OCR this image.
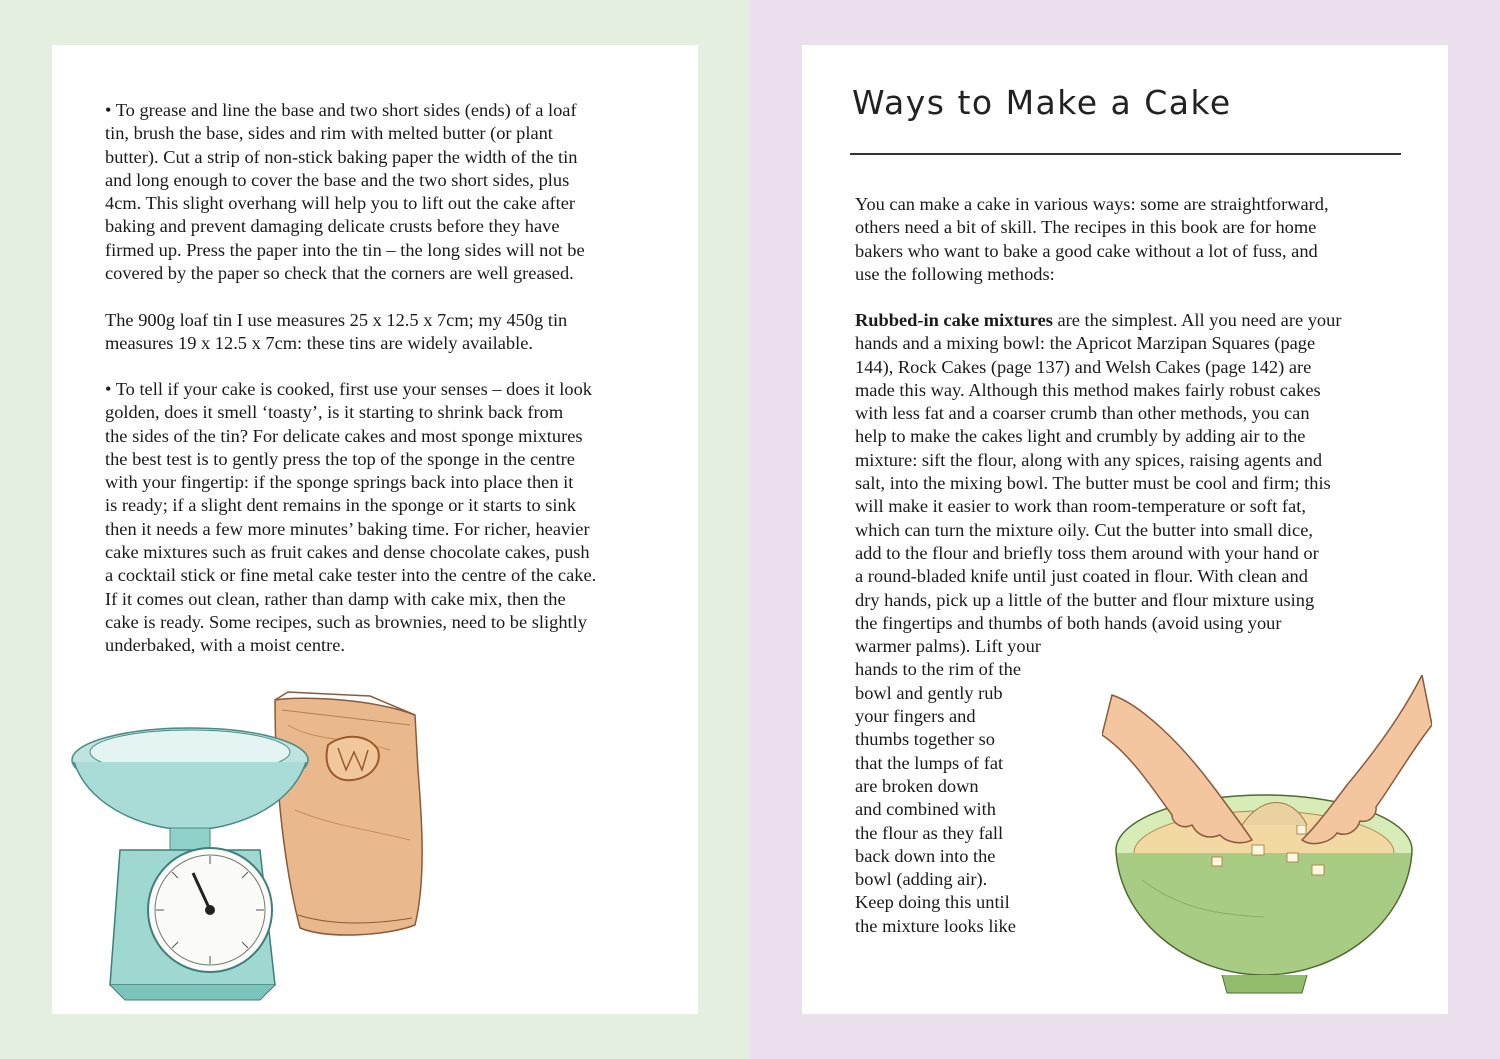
• To grease and line the base and two short sides (ends) of a loaf
tin, brush the base, sides and rim with melted butter (or plant
butter). Cut a strip of non-stick baking paper the width of the tin
and long enough to cover the base and the two short sides, plus
4cm. This slight overhang will help you to lift out the cake after
baking and prevent damaging delicate crusts before they have
firmed up. Press the paper into the tin – the long sides will not be
covered by the paper so check that the corners are well greased.

The 900g loaf tin I use measures 25 x 12.5 x 7cm; my 450g tin
measures 19 x 12.5 x 7cm: these tins are widely available.

• To tell if your cake is cooked, first use your senses – does it look
golden, does it smell ‘toasty’, is it starting to shrink back from
the sides of the tin? For delicate cakes and most sponge mixtures
the best test is to gently press the top of the sponge in the centre
with your fingertip: if the sponge springs back into place then it
is ready; if a slight dent remains in the sponge or it starts to sink
then it needs a few more minutes’ baking time. For richer, heavier
cake mixtures such as fruit cakes and dense chocolate cakes, push
a cocktail stick or fine metal cake tester into the centre of the cake.
If it comes out clean, rather than damp with cake mix, then the
cake is ready. Some recipes, such as brownies, need to be slightly
underbaked, with a moist centre.

Ways to Make a Cake

You can make a cake in various ways: some are straightforward,
others need a bit of skill. The recipes in this book are for home
bakers who want to bake a good cake without a lot of fuss, and
use the following methods:

Rubbed-in cake mixtures are the simplest. All you need are your
hands and a mixing bowl: the Apricot Marzipan Squares (page
144), Rock Cakes (page 137) and Welsh Cakes (page 142) are
made this way. Although this method makes fairly robust cakes
with less fat and a coarser crumb than other methods, you can
help to make the cakes light and crumbly by adding air to the
mixture: sift the flour, along with any spices, raising agents and
salt, into the mixing bowl. The butter must be cool and firm; this
will make it easier to work than room-temperature or soft fat,
which can turn the mixture oily. Cut the butter into small dice,
add to the flour and briefly toss them around with your hand or
a round-bladed knife until just coated in flour. With clean and
dry hands, pick up a little of the butter and flour mixture using
the fingertips and thumbs of both hands (avoid using your
warmer palms). Lift your
hands to the rim of the
bowl and gently rub
your fingers and
thumbs together so
that the lumps of fat
are broken down
and combined with
the flour as they fall
back down into the
bowl (adding air).
Keep doing this until
the mixture looks like
